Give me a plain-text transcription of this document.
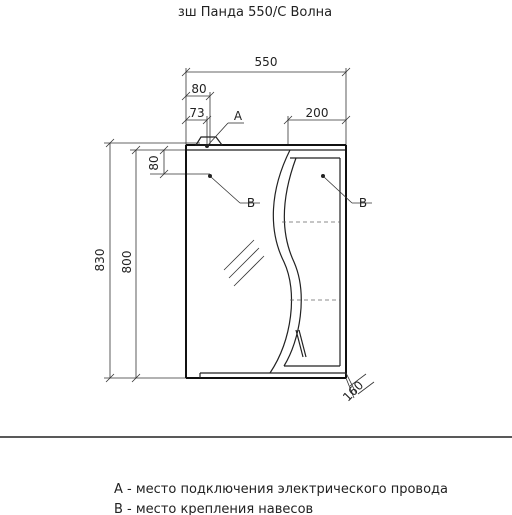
зш Панда 550/С Волна
550
80
73	200
830 800
80
А
В	В
160
А - место подключения электрического провода
В - место крепления навесов
